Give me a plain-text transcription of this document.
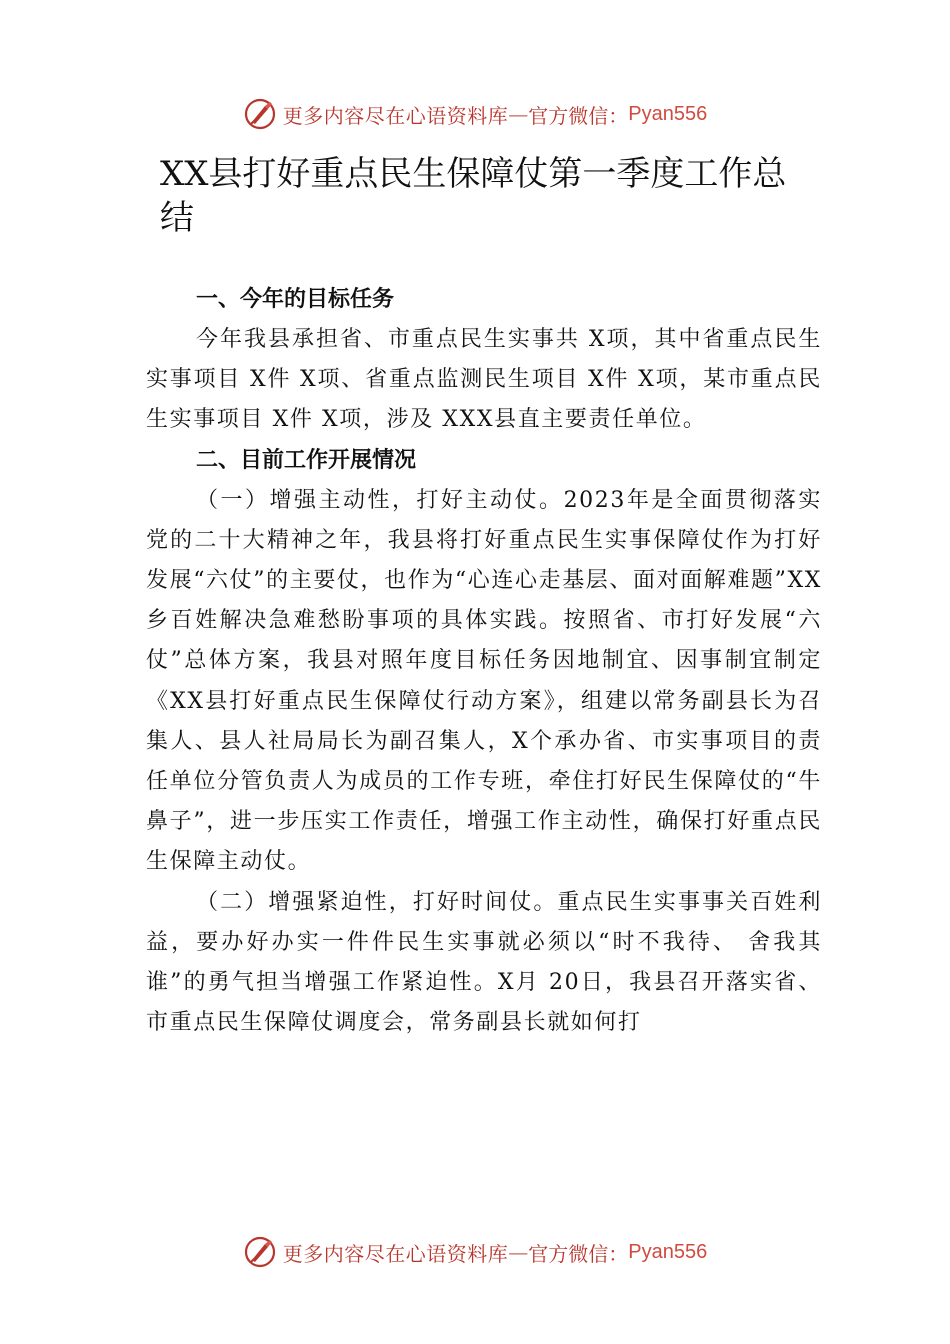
更多内容尽在心语资料库 — 官方微信： Pyan556
XX县打好重点民生保障仗第一季度工作总结
一、今年的目标任务

今年我县承担省、市重点民生实事共 X项，其中省重点民生实事项目 X件 X项、省重点监测民生项目 X件 X项，某市重点民生实事项目 X件 X项，涉及 XXX县直主要责任单位。

二、目前工作开展情况

（一）增强主动性，打好主动仗。2023年是全面贯彻落实党的二十大精神之年，我县将打好重点民生实事保障仗作为打好发展“六仗”的主要仗，也作为“心连心走基层、面对面解难题”XX乡百姓解决急难愁盼事项的具体实践。按照省、市打好发展“六仗”总体方案，我县对照年度目标任务因地制宜、因事制宜制定《XX县打好重点民生保障仗行动方案》，组建以常务副县长为召集人、县人社局局长为副召集人，X个承办省、市实事项目的责任单位分管负责人为成员的工作专班，牵住打好民生保障仗的“牛鼻子”，进一步压实工作责任，增强工作主动性，确保打好重点民生保障主动仗。

（二）增强紧迫性，打好时间仗。重点民生实事事关百姓利益，要办好办实一件件民生实事就必须以“时不我待、 舍我其谁”的勇气担当增强工作紧迫性。X月 20日，我县召开落实省、市重点民生保障仗调度会，常务副县长就如何打

更多内容尽在心语资料库 — 官方微信： Pyan556
